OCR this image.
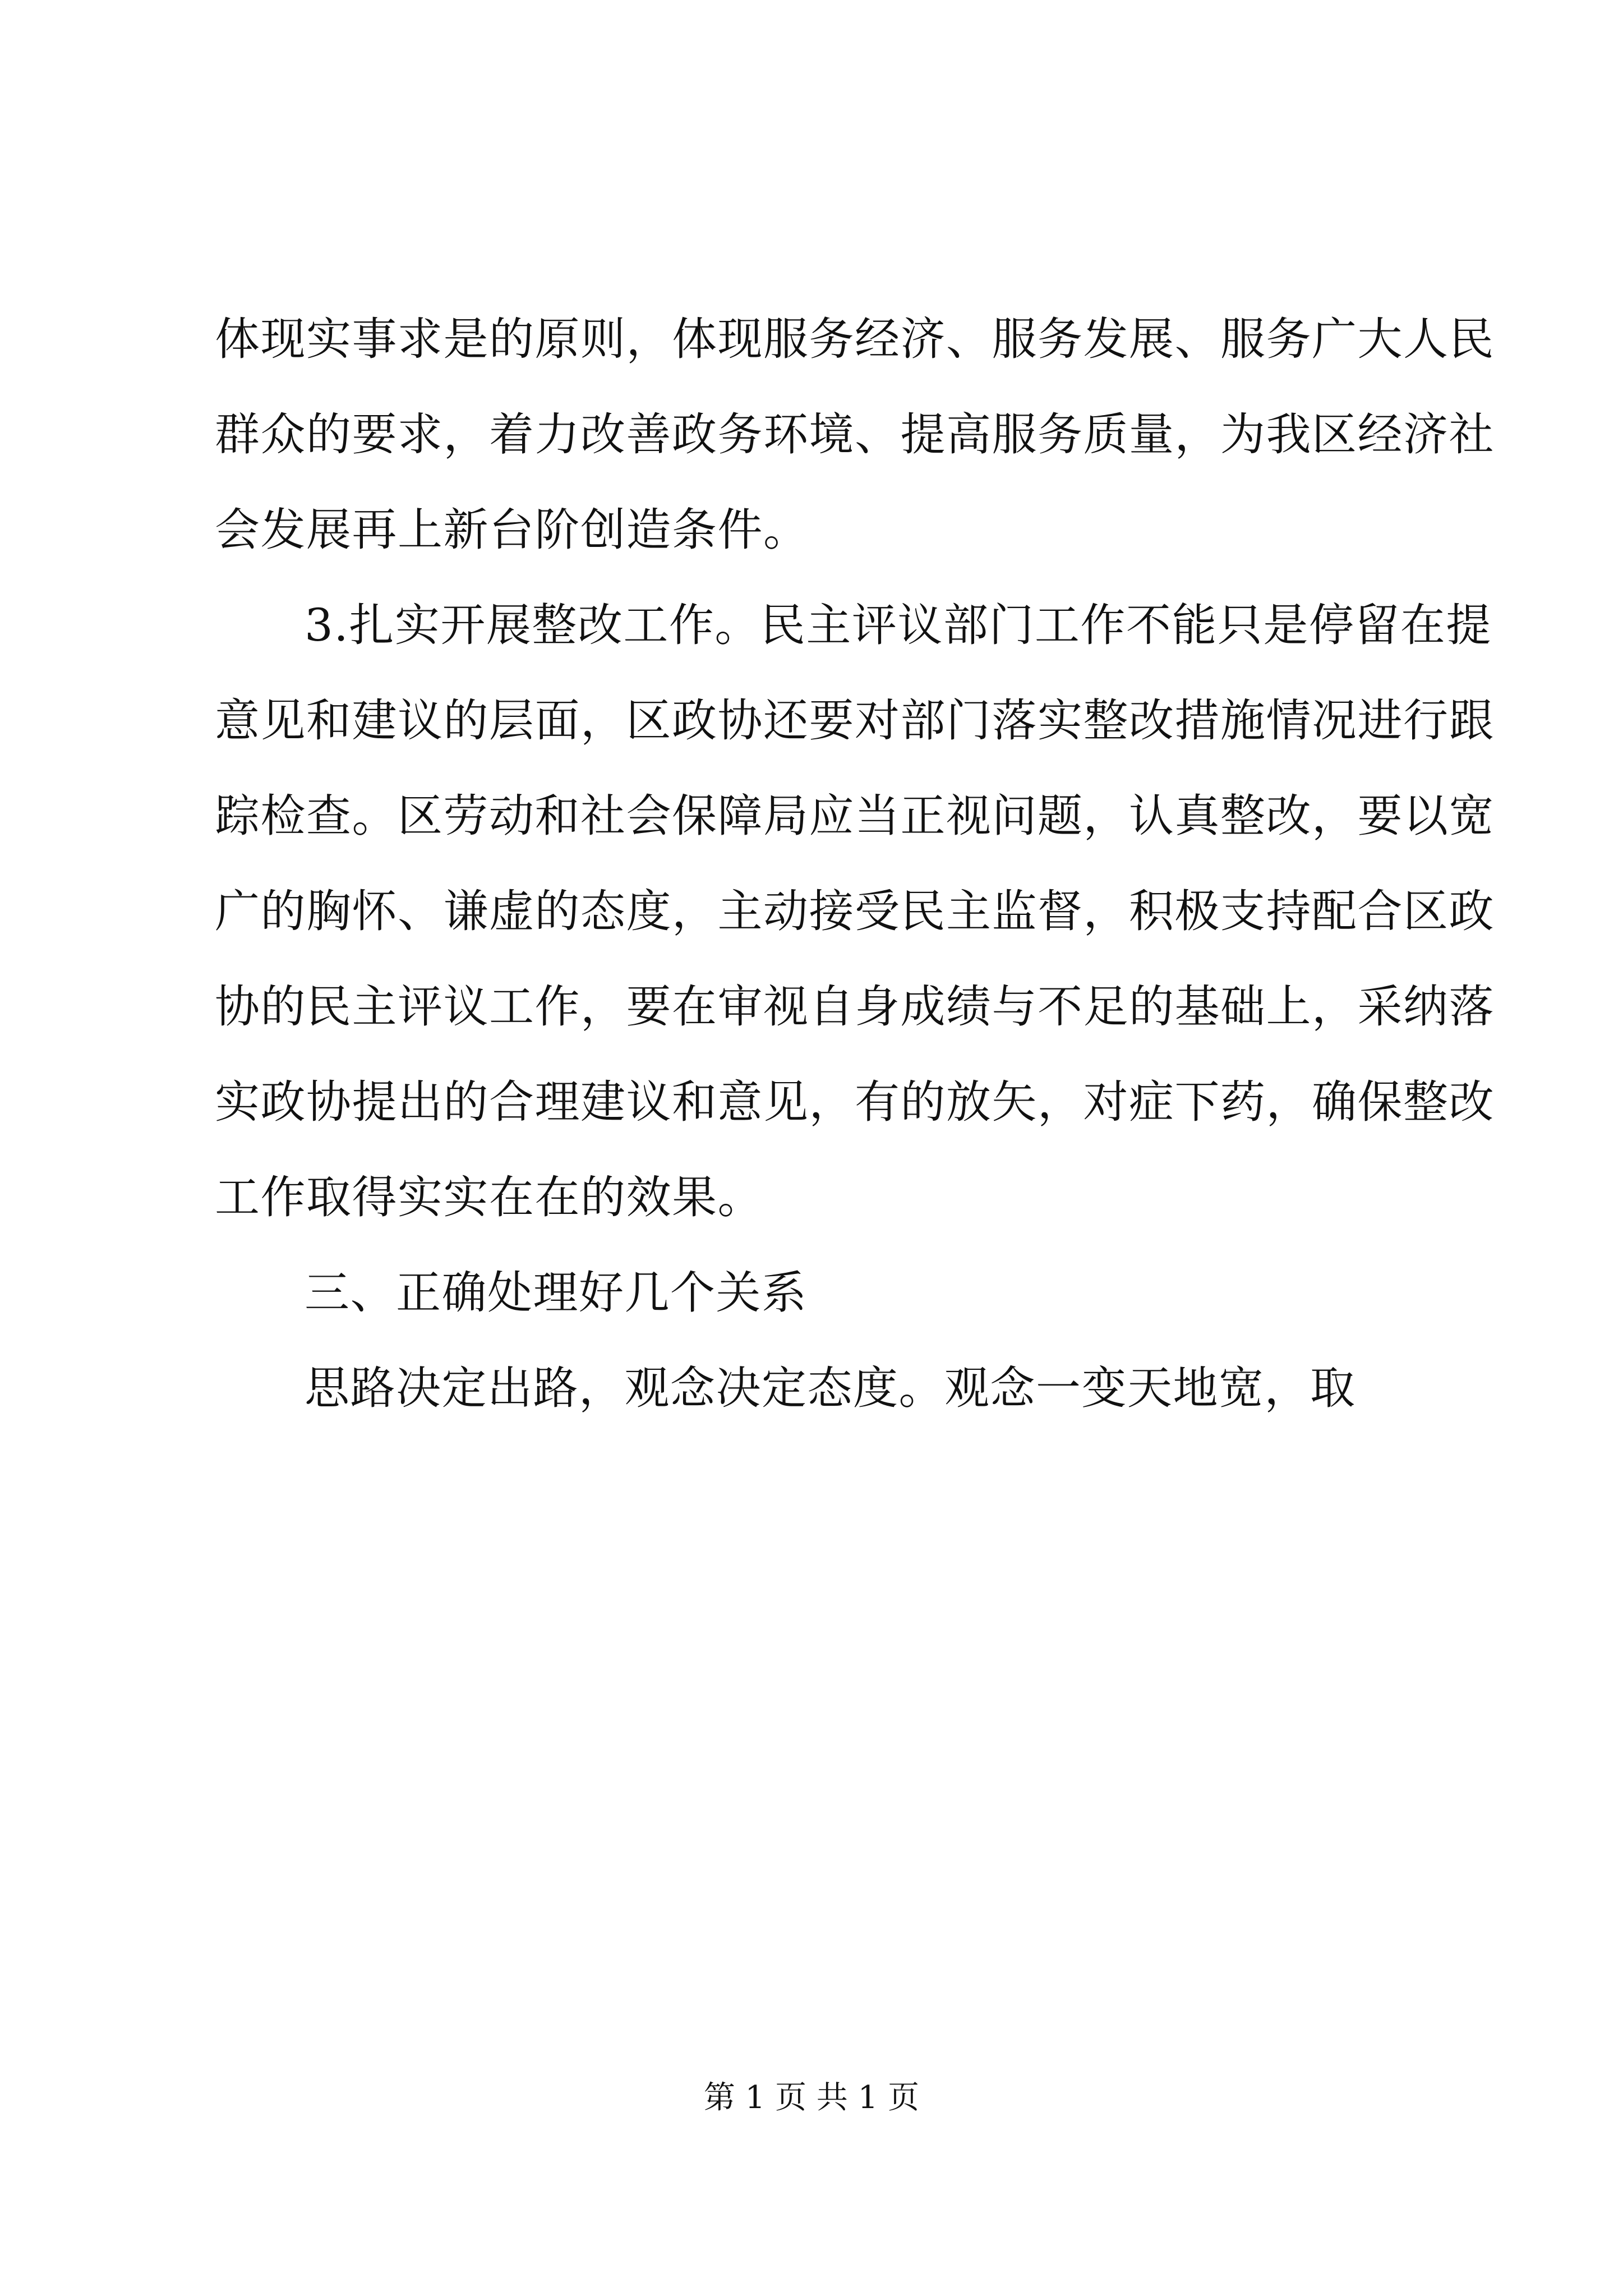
体现实事求是的原则，体现服务经济、服务发展、服务广大人民
群众的要求，着力改善政务环境、提高服务质量，为我区经济社
会发展再上新台阶创造条件。
3.扎实开展整改工作。民主评议部门工作不能只是停留在提
意见和建议的层面，区政协还要对部门落实整改措施情况进行跟
踪检查。区劳动和社会保障局应当正视问题，认真整改，要以宽
广的胸怀、谦虚的态度，主动接受民主监督，积极支持配合区政
协的民主评议工作，要在审视自身成绩与不足的基础上，采纳落
实政协提出的合理建议和意见，有的放矢，对症下药，确保整改
工作取得实实在在的效果。
三、正确处理好几个关系
思路决定出路，观念决定态度。观念一变天地宽，取
第 1 页 共 1 页
